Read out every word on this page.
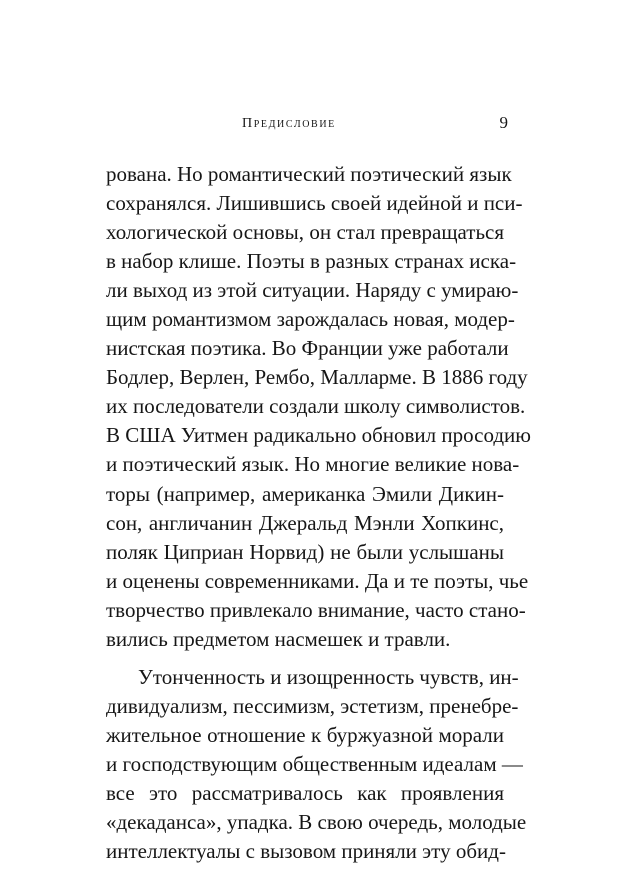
Предисловие	9
рована. Но романтический поэтический язык
сохранялся. Лишившись своей идейной и пси-
хологической основы, он стал превращаться
в набор клише. Поэты в разных странах иска-
ли выход из этой ситуации. Наряду с умираю-
щим романтизмом зарождалась новая, модер-
нистская поэтика. Во Франции уже работали
Бодлер, Верлен, Рембо, Малларме. В 1886 году
их последователи создали школу символистов.
В США Уитмен радикально обновил просодию
и поэтический язык. Но многие великие нова-
торы (например, американка Эмили Дикин-
сон, англичанин Джеральд Мэнли Хопкинс,
поляк Циприан Норвид) не были услышаны
и оценены современниками. Да и те поэты, чье
творчество привлекало внимание, часто стано-
вились предметом насмешек и травли.
Утонченность и изощренность чувств, ин-
дивидуализм, пессимизм, эстетизм, пренебре-
жительное отношение к буржуазной морали
и господствующим общественным идеалам —
все это рассматривалось как проявления
«декаданса», упадка. В свою очередь, молодые
интеллектуалы с вызовом приняли эту обид-
